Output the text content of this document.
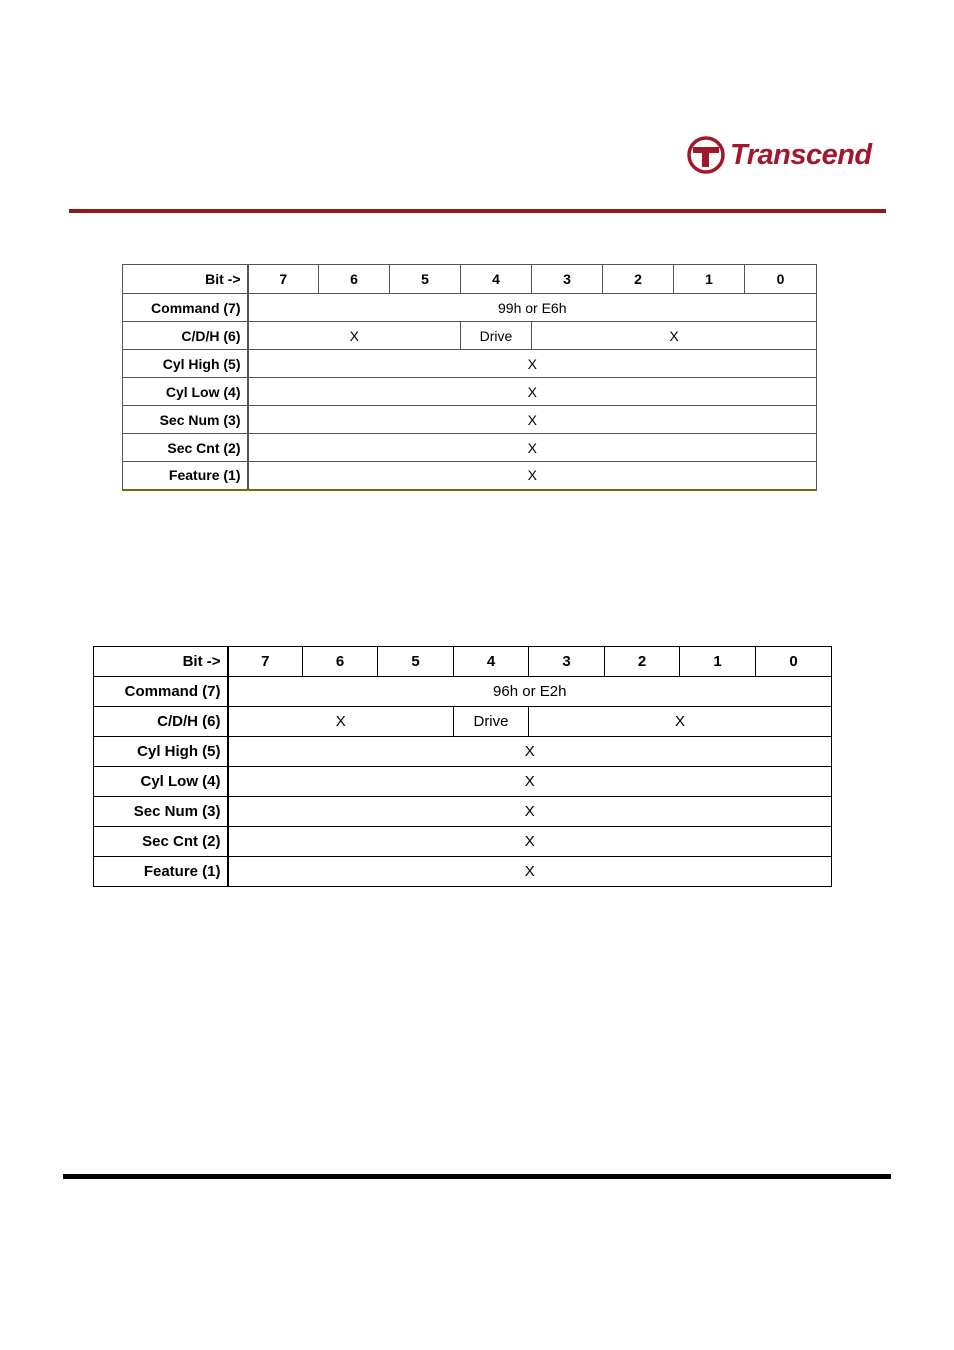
Transcend
Bit ->	7	6	5	4	3	2	1	0
Command (7)	99h or E6h							
C/D/H (6)	X			Drive	X			
Cyl High (5)	X							
Cyl Low (4)	X							
Sec Num (3)	X							
Sec Cnt (2)	X							
Feature (1)	X							
Bit ->	7	6	5	4	3	2	1	0
Command (7)	96h or E2h							
C/D/H (6)	X			Drive	X			
Cyl High (5)	X							
Cyl Low (4)	X							
Sec Num (3)	X							
Sec Cnt (2)	X							
Feature (1)	X							
